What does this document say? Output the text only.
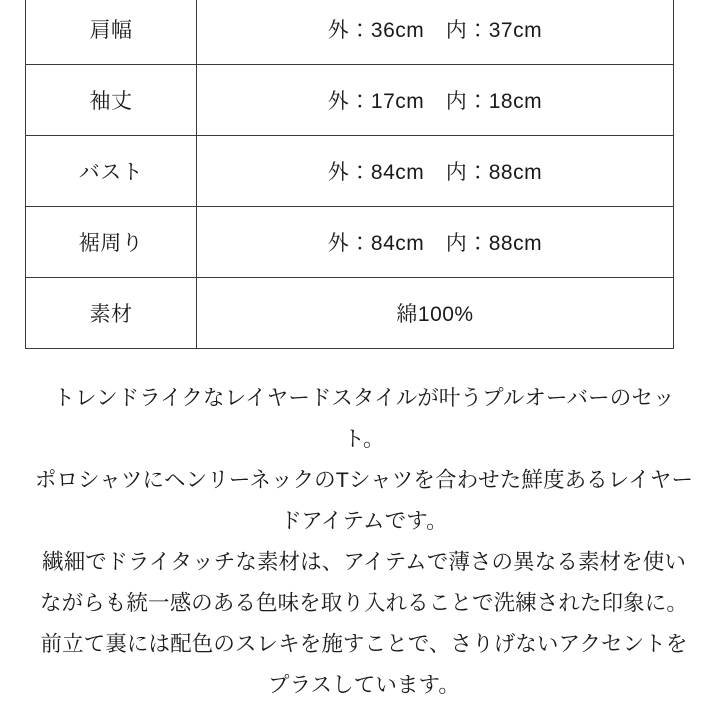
肩幅	外：36cm　内：37cm
袖丈	外：17cm　内：18cm
バスト	外：84cm　内：88cm
裾周り	外：84cm　内：88cm
素材	綿100%

トレンドライクなレイヤードスタイルが叶うプルオーバーのセッ

ト。

ポロシャツにヘンリーネックのTシャツを合わせた鮮度あるレイヤー

ドアイテムです。

繊細でドライタッチな素材は、アイテムで薄さの異なる素材を使い

ながらも統一感のある色味を取り入れることで洗練された印象に。

前立て裏には配色のスレキを施すことで、さりげないアクセントを

プラスしています。
